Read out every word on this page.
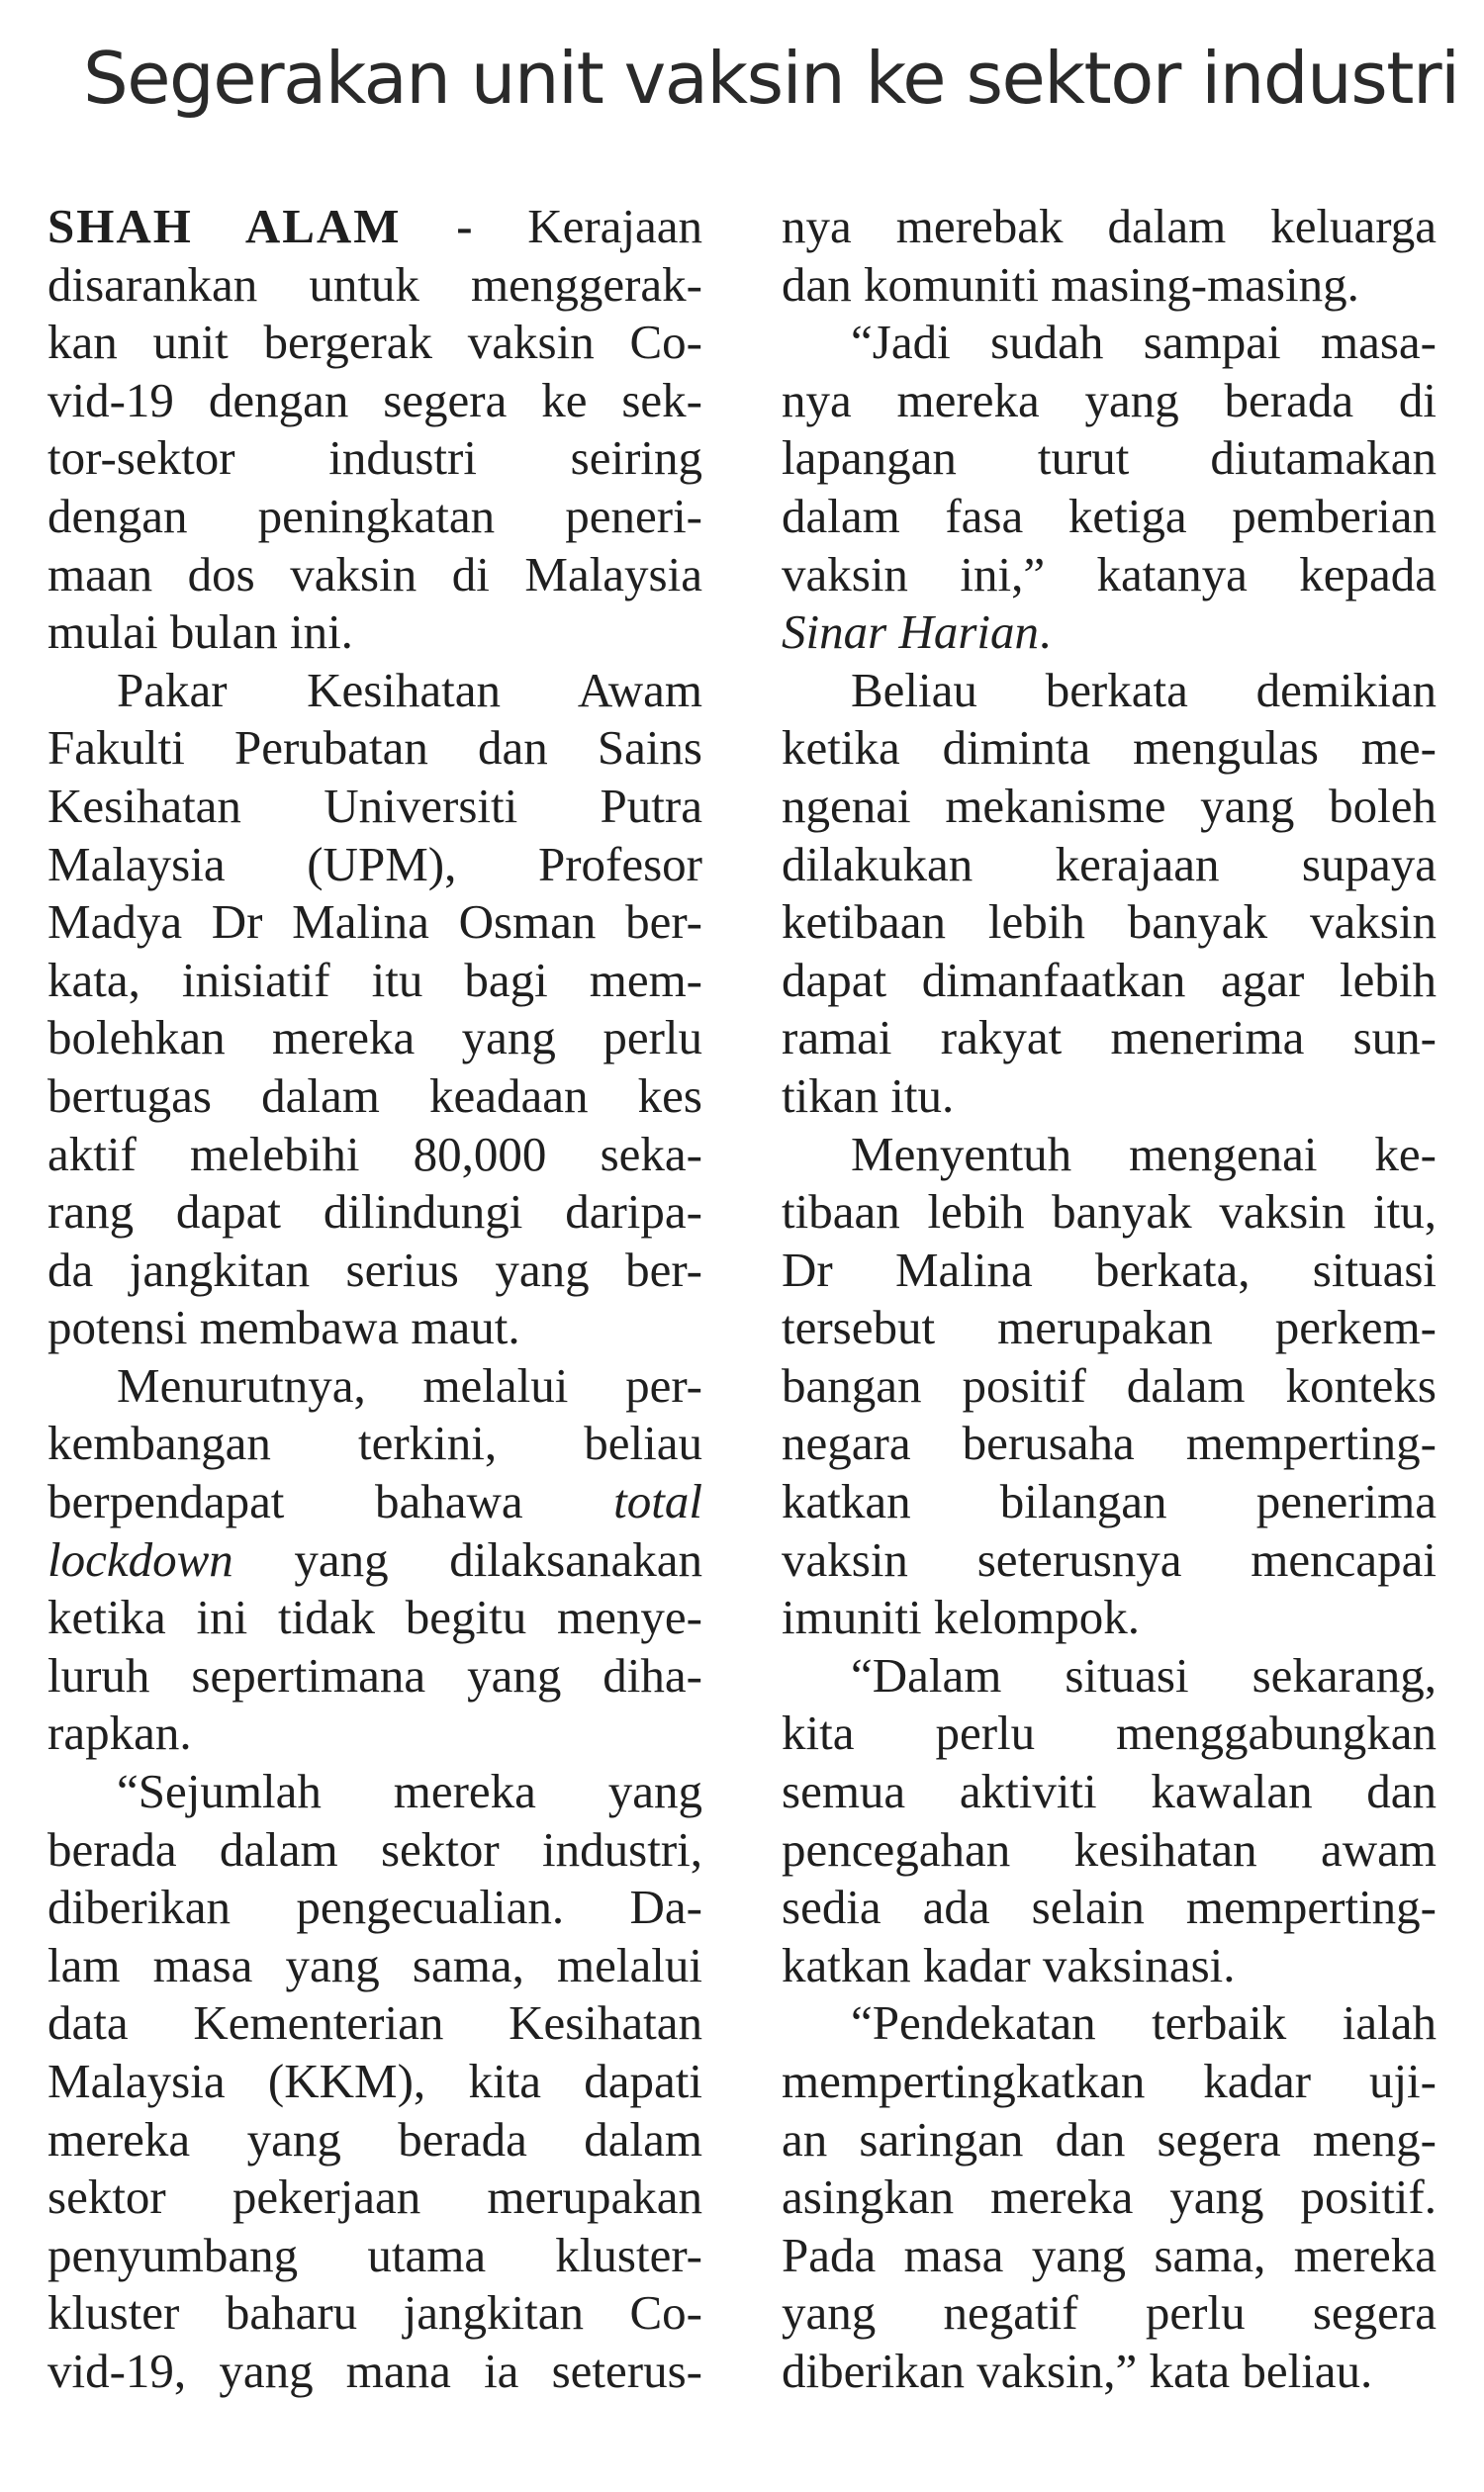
Segerakan unit vaksin ke sektor industri
SHAH ALAM - Kerajaan
disarankan untuk menggerak-
kan unit bergerak vaksin Co-
vid-19 dengan segera ke sek-
tor-sektor industri seiring
dengan peningkatan peneri-
maan dos vaksin di Malaysia
mulai bulan ini.
Pakar Kesihatan Awam
Fakulti Perubatan dan Sains
Kesihatan Universiti Putra
Malaysia (UPM), Profesor
Madya Dr Malina Osman ber-
kata, inisiatif itu bagi mem-
bolehkan mereka yang perlu
bertugas dalam keadaan kes
aktif melebihi 80,000 seka-
rang dapat dilindungi daripa-
da jangkitan serius yang ber-
potensi membawa maut.
Menurutnya, melalui per-
kembangan terkini, beliau
berpendapat bahawa total
lockdown yang dilaksanakan
ketika ini tidak begitu menye-
luruh sepertimana yang diha-
rapkan.
“Sejumlah mereka yang
berada dalam sektor industri,
diberikan pengecualian. Da-
lam masa yang sama, melalui
data Kementerian Kesihatan
Malaysia (KKM), kita dapati
mereka yang berada dalam
sektor pekerjaan merupakan
penyumbang utama kluster-
kluster baharu jangkitan Co-
vid-19, yang mana ia seterus-
nya merebak dalam keluarga
dan komuniti masing-masing.
“Jadi sudah sampai masa-
nya mereka yang berada di
lapangan turut diutamakan
dalam fasa ketiga pemberian
vaksin ini,” katanya kepada
Sinar Harian.
Beliau berkata demikian
ketika diminta mengulas me-
ngenai mekanisme yang boleh
dilakukan kerajaan supaya
ketibaan lebih banyak vaksin
dapat dimanfaatkan agar lebih
ramai rakyat menerima sun-
tikan itu.
Menyentuh mengenai ke-
tibaan lebih banyak vaksin itu,
Dr Malina berkata, situasi
tersebut merupakan perkem-
bangan positif dalam konteks
negara berusaha memperting-
katkan bilangan penerima
vaksin seterusnya mencapai
imuniti kelompok.
“Dalam situasi sekarang,
kita perlu menggabungkan
semua aktiviti kawalan dan
pencegahan kesihatan awam
sedia ada selain memperting-
katkan kadar vaksinasi.
“Pendekatan terbaik ialah
mempertingkatkan kadar uji-
an saringan dan segera meng-
asingkan mereka yang positif.
Pada masa yang sama, mereka
yang negatif perlu segera
diberikan vaksin,” kata beliau.
